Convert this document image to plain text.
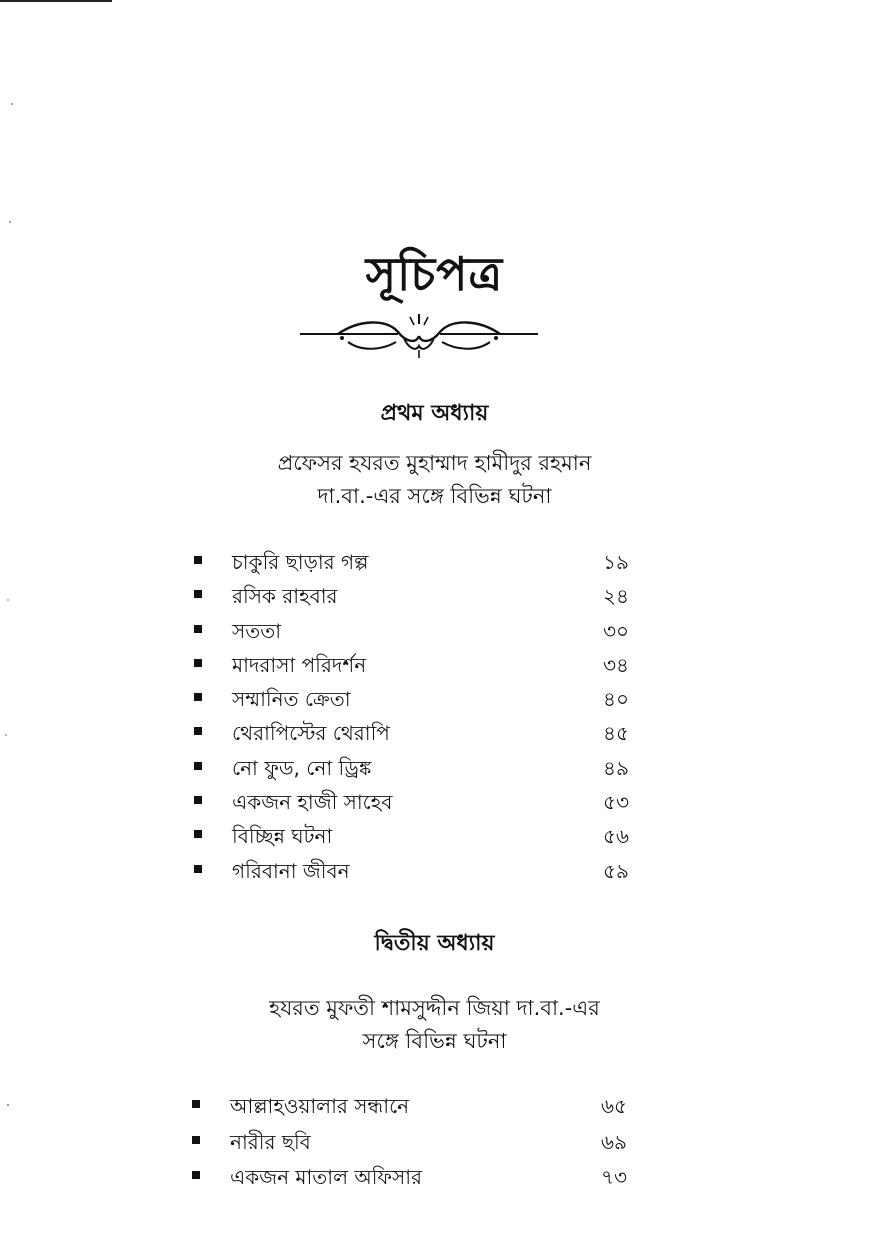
সূচিপত্র
প্রথম অধ্যায়
প্রফেসর হযরত মুহাম্মাদ হামীদুর রহমান
দা.বা.-এর সঙ্গে বিভিন্ন ঘটনা
চাকুরি ছাড়ার গল্প	১৯
রসিক রাহবার	২৪
সততা	৩০
মাদরাসা পরিদর্শন	৩৪
সম্মানিত ক্রেতা	৪০
থেরাপিস্টের থেরাপি	৪৫
নো ফুড, নো ড্রিঙ্ক	৪৯
একজন হাজী সাহেব	৫৩
বিচ্ছিন্ন ঘটনা	৫৬
গরিবানা জীবন	৫৯
দ্বিতীয় অধ্যায়
হযরত মুফতী শামসুদ্দীন জিয়া দা.বা.-এর
সঙ্গে বিভিন্ন ঘটনা
আল্লাহওয়ালার সন্ধানে	৬৫
নারীর ছবি	৬৯
একজন মাতাল অফিসার	৭৩
